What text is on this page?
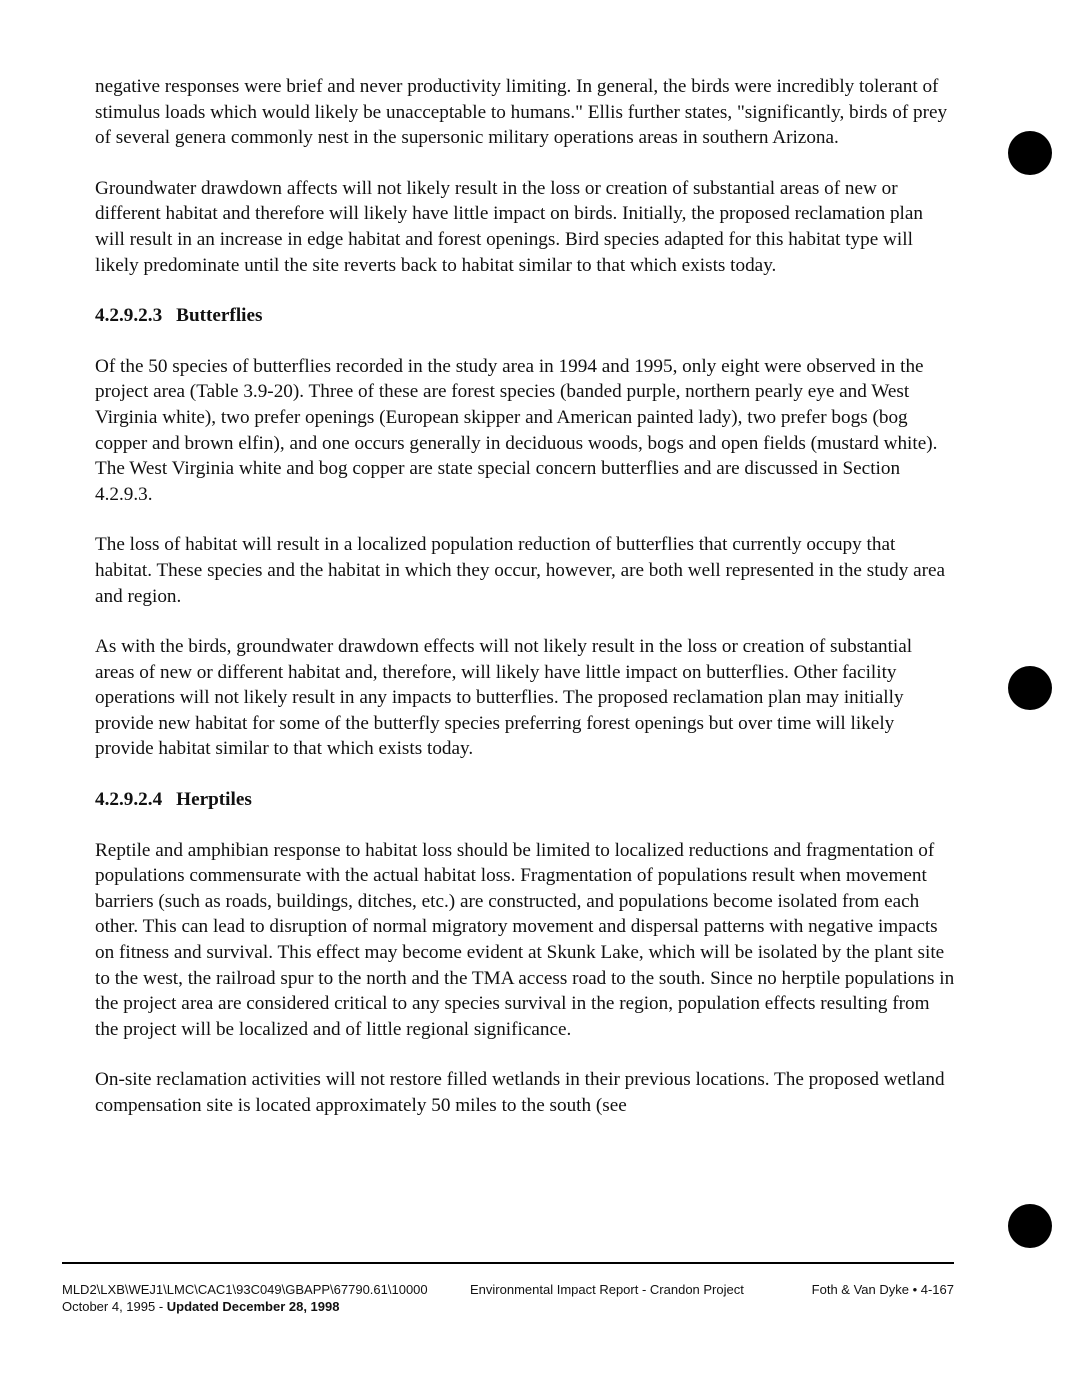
negative responses were brief and never productivity limiting. In general, the birds were incredibly tolerant of stimulus loads which would likely be unacceptable to humans." Ellis further states, "significantly, birds of prey of several genera commonly nest in the supersonic military operations areas in southern Arizona.

Groundwater drawdown affects will not likely result in the loss or creation of substantial areas of new or different habitat and therefore will likely have little impact on birds. Initially, the proposed reclamation plan will result in an increase in edge habitat and forest openings. Bird species adapted for this habitat type will likely predominate until the site reverts back to habitat similar to that which exists today.

4.2.9.2.3 Butterflies

Of the 50 species of butterflies recorded in the study area in 1994 and 1995, only eight were observed in the project area (Table 3.9-20). Three of these are forest species (banded purple, northern pearly eye and West Virginia white), two prefer openings (European skipper and American painted lady), two prefer bogs (bog copper and brown elfin), and one occurs generally in deciduous woods, bogs and open fields (mustard white). The West Virginia white and bog copper are state special concern butterflies and are discussed in Section 4.2.9.3.

The loss of habitat will result in a localized population reduction of butterflies that currently occupy that habitat. These species and the habitat in which they occur, however, are both well represented in the study area and region.

As with the birds, groundwater drawdown effects will not likely result in the loss or creation of substantial areas of new or different habitat and, therefore, will likely have little impact on butterflies. Other facility operations will not likely result in any impacts to butterflies. The proposed reclamation plan may initially provide new habitat for some of the butterfly species preferring forest openings but over time will likely provide habitat similar to that which exists today.

4.2.9.2.4 Herptiles

Reptile and amphibian response to habitat loss should be limited to localized reductions and fragmentation of populations commensurate with the actual habitat loss. Fragmentation of populations result when movement barriers (such as roads, buildings, ditches, etc.) are constructed, and populations become isolated from each other. This can lead to disruption of normal migratory movement and dispersal patterns with negative impacts on fitness and survival. This effect may become evident at Skunk Lake, which will be isolated by the plant site to the west, the railroad spur to the north and the TMA access road to the south. Since no herptile populations in the project area are considered critical to any species survival in the region, population effects resulting from the project will be localized and of little regional significance.

On-site reclamation activities will not restore filled wetlands in their previous locations. The proposed wetland compensation site is located approximately 50 miles to the south (see

MLD2\LXB\WEJ1\LMC\CAC1\93C049\GBAPP\67790.61\10000	Environmental Impact Report - Crandon Project	Foth & Van Dyke • 4-167
October 4, 1995 - Updated December 28, 1998
